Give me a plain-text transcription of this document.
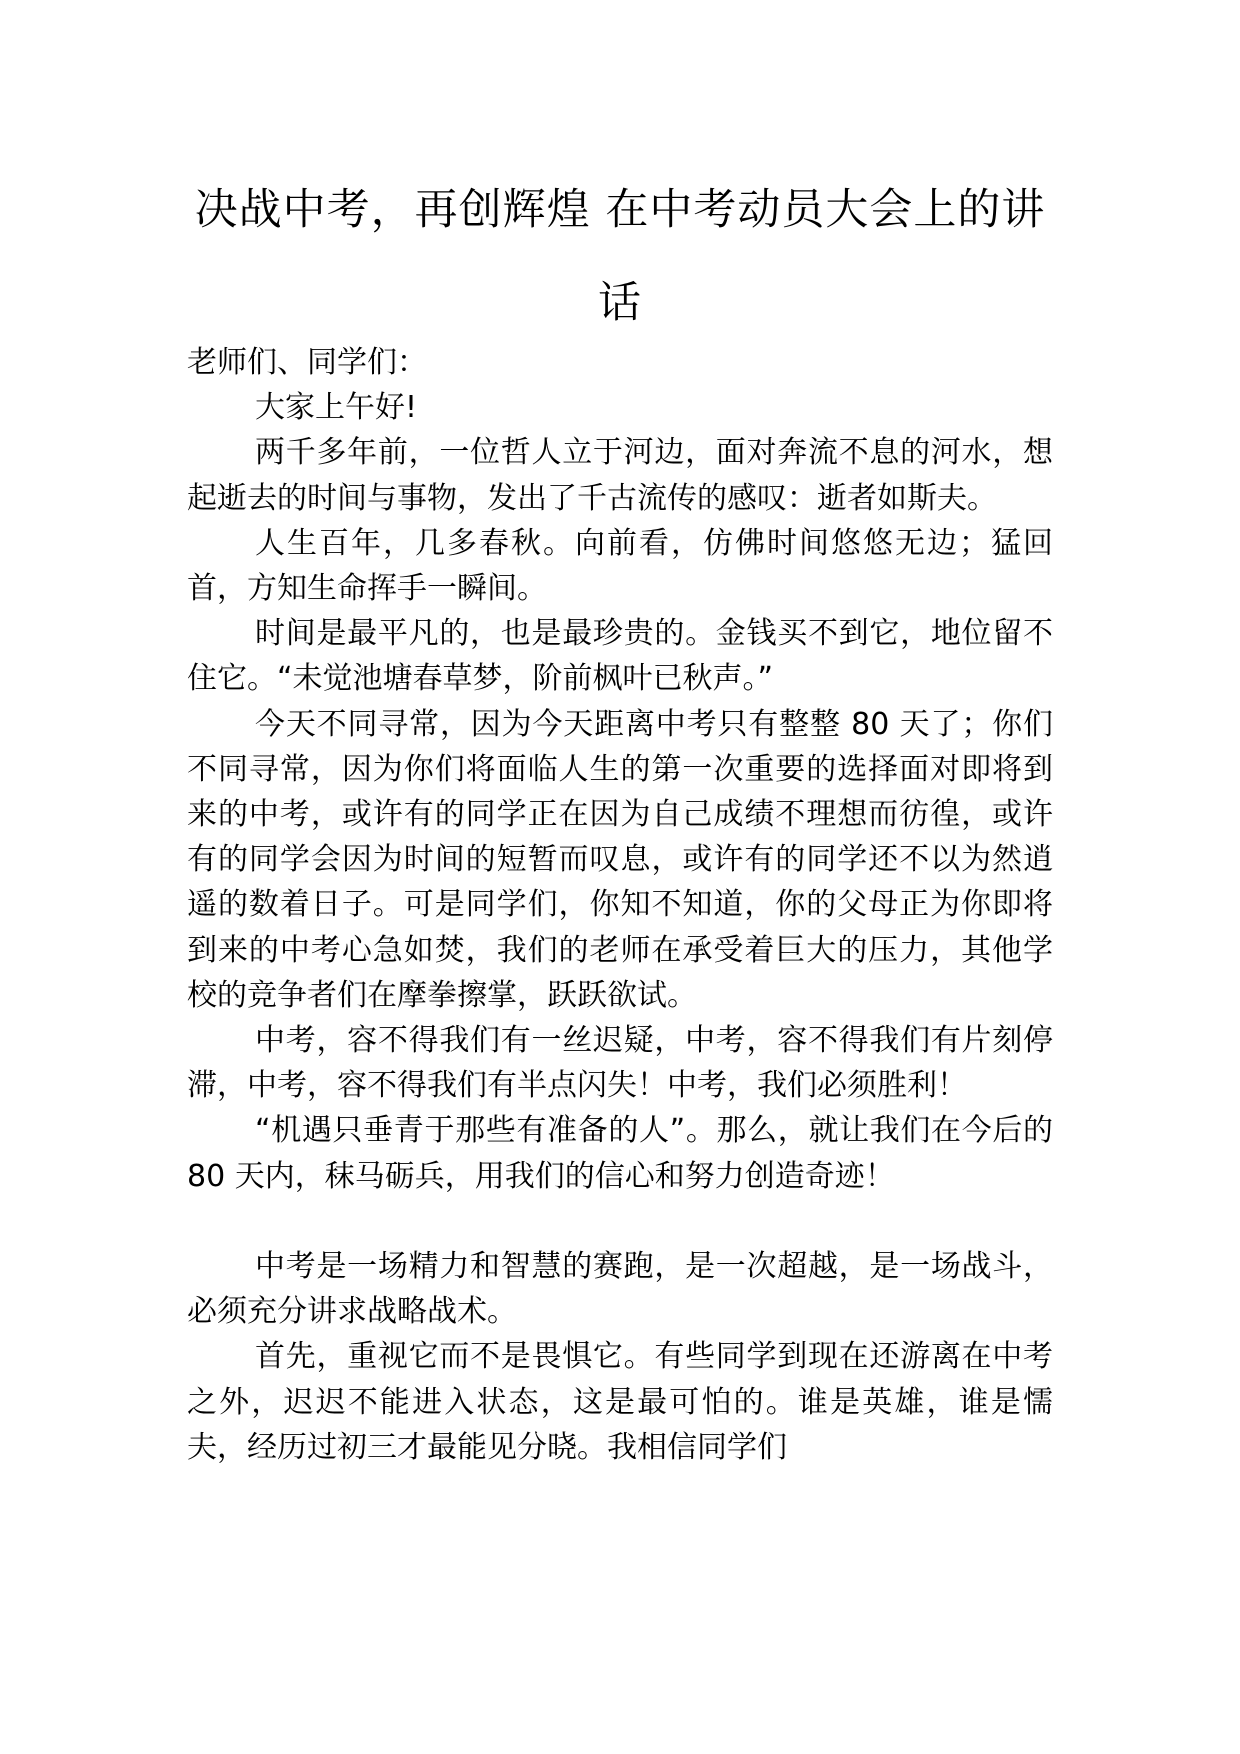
决战中考，再创辉煌 在中考动员大会上的讲话

老师们、同学们：

大家上午好!

两千多年前，一位哲人立于河边，面对奔流不息的河水，想起逝去的时间与事物，发出了千古流传的感叹：逝者如斯夫。

人生百年，几多春秋。向前看，仿佛时间悠悠无边；猛回首，方知生命挥手一瞬间。

时间是最平凡的，也是最珍贵的。金钱买不到它，地位留不住它。“未觉池塘春草梦，阶前枫叶已秋声。”

今天不同寻常，因为今天距离中考只有整整 80 天了；你们不同寻常，因为你们将面临人生的第一次重要的选择面对即将到来的中考，或许有的同学正在因为自己成绩不理想而彷徨，或许有的同学会因为时间的短暂而叹息，或许有的同学还不以为然逍遥的数着日子。可是同学们，你知不知道，你的父母正为你即将到来的中考心急如焚，我们的老师在承受着巨大的压力，其他学校的竞争者们在摩拳擦掌，跃跃欲试。

中考，容不得我们有一丝迟疑，中考，容不得我们有片刻停滞，中考，容不得我们有半点闪失！中考，我们必须胜利！

“机遇只垂青于那些有准备的人”。那么，就让我们在今后的 80 天内，秣马砺兵，用我们的信心和努力创造奇迹！

中考是一场精力和智慧的赛跑，是一次超越，是一场战斗，必须充分讲求战略战术。

首先，重视它而不是畏惧它。有些同学到现在还游离在中考之外，迟迟不能进入状态，这是最可怕的。谁是英雄，谁是懦夫，经历过初三才最能见分晓。我相信同学们
